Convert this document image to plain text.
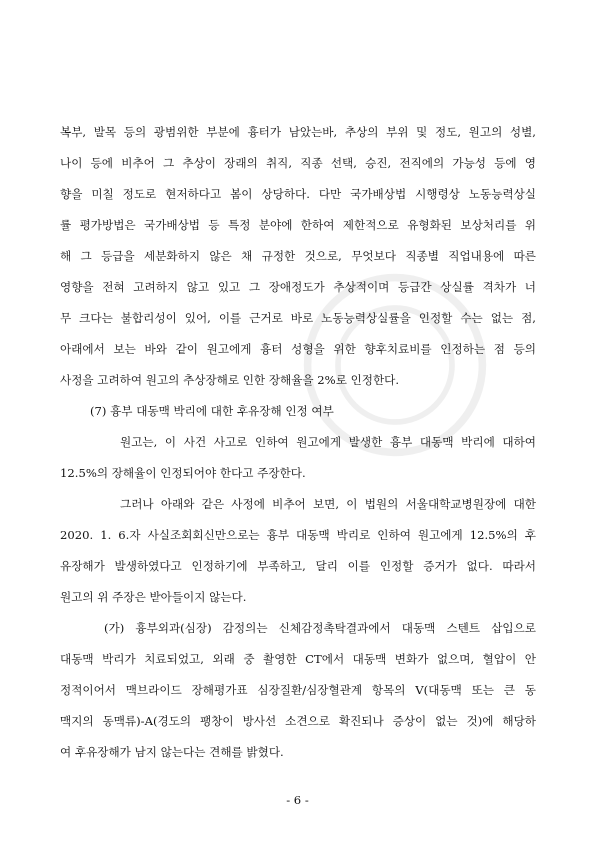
복부, 발목 등의 광범위한 부분에 흉터가 남았는바, 추상의 부위 및 정도, 원고의 성별,
나이 등에 비추어 그 추상이 장래의 취직, 직종 선택, 승진, 전직에의 가능성 등에 영
향을 미칠 정도로 현저하다고 봄이 상당하다. 다만 국가배상법 시행령상 노동능력상실
률 평가방법은 국가배상법 등 특정 분야에 한하여 제한적으로 유형화된 보상처리를 위
해 그 등급을 세분화하지 않은 채 규정한 것으로, 무엇보다 직종별 직업내용에 따른
영향을 전혀 고려하지 않고 있고 그 장애정도가 추상적이며 등급간 상실률 격차가 너
무 크다는 불합리성이 있어, 이를 근거로 바로 노동능력상실률을 인정할 수는 없는 점,
아래에서 보는 바와 같이 원고에게 흉터 성형을 위한 향후치료비를 인정하는 점 등의
사정을 고려하여 원고의 추상장해로 인한 장해율을 2%로 인정한다.
(7) 흉부 대동맥 박리에 대한 후유장해 인정 여부
원고는, 이 사건 사고로 인하여 원고에게 발생한 흉부 대동맥 박리에 대하여
12.5%의 장해율이 인정되어야 한다고 주장한다.
그러나 아래와 같은 사정에 비추어 보면, 이 법원의 서울대학교병원장에 대한
2020. 1. 6.자 사실조회회신만으로는 흉부 대동맥 박리로 인하여 원고에게 12.5%의 후
유장해가 발생하였다고 인정하기에 부족하고, 달리 이를 인정할 증거가 없다. 따라서
원고의 위 주장은 받아들이지 않는다.
(가) 흉부외과(심장) 감정의는 신체감정촉탁결과에서 대동맥 스텐트 삽입으로
대동맥 박리가 치료되었고, 외래 중 촬영한 CT에서 대동맥 변화가 없으며, 혈압이 안
정적이어서 맥브라이드 장해평가표 심장질환/심장혈관계 항목의 V(대동맥 또는 큰 동
맥지의 동맥류)-A(경도의 팽창이 방사선 소견으로 확진되나 증상이 없는 것)에 해당하
여 후유장해가 남지 않는다는 견해를 밝혔다.
- 6 -
